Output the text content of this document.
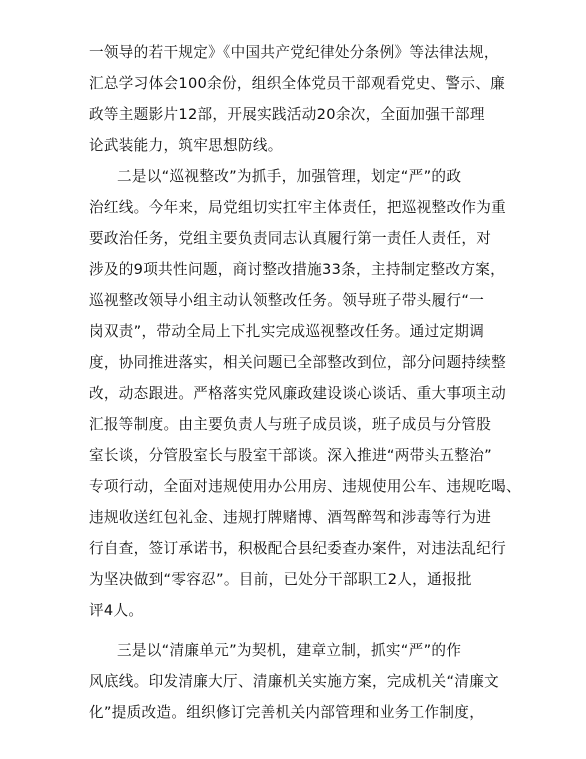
一领导的若干规定》《中国共产党纪律处分条例》等法律法规，
汇总学习体会100余份，组织全体党员干部观看党史、警示、廉
政等主题影片12部，开展实践活动20余次，全面加强干部理
论武装能力，筑牢思想防线。
二是以“巡视整改”为抓手，加强管理，划定“严”的政
治红线。今年来，局党组切实扛牢主体责任，把巡视整改作为重
要政治任务，党组主要负责同志认真履行第一责任人责任，对
涉及的9项共性问题，商讨整改措施33条，主持制定整改方案，
巡视整改领导小组主动认领整改任务。领导班子带头履行“一
岗双责”，带动全局上下扎实完成巡视整改任务。通过定期调
度，协同推进落实，相关问题已全部整改到位，部分问题持续整
改，动态跟进。严格落实党风廉政建设谈心谈话、重大事项主动
汇报等制度。由主要负责人与班子成员谈，班子成员与分管股
室长谈，分管股室长与股室干部谈。深入推进“两带头五整治”
专项行动，全面对违规使用办公用房、违规使用公车、违规吃喝、
违规收送红包礼金、违规打牌赌博、酒驾醉驾和涉毒等行为进
行自查，签订承诺书，积极配合县纪委查办案件，对违法乱纪行
为坚决做到“零容忍”。目前，已处分干部职工2人，通报批
评4人。
三是以“清廉单元”为契机，建章立制，抓实“严”的作
风底线。印发清廉大厅、清廉机关实施方案，完成机关“清廉文
化”提质改造。组织修订完善机关内部管理和业务工作制度，
